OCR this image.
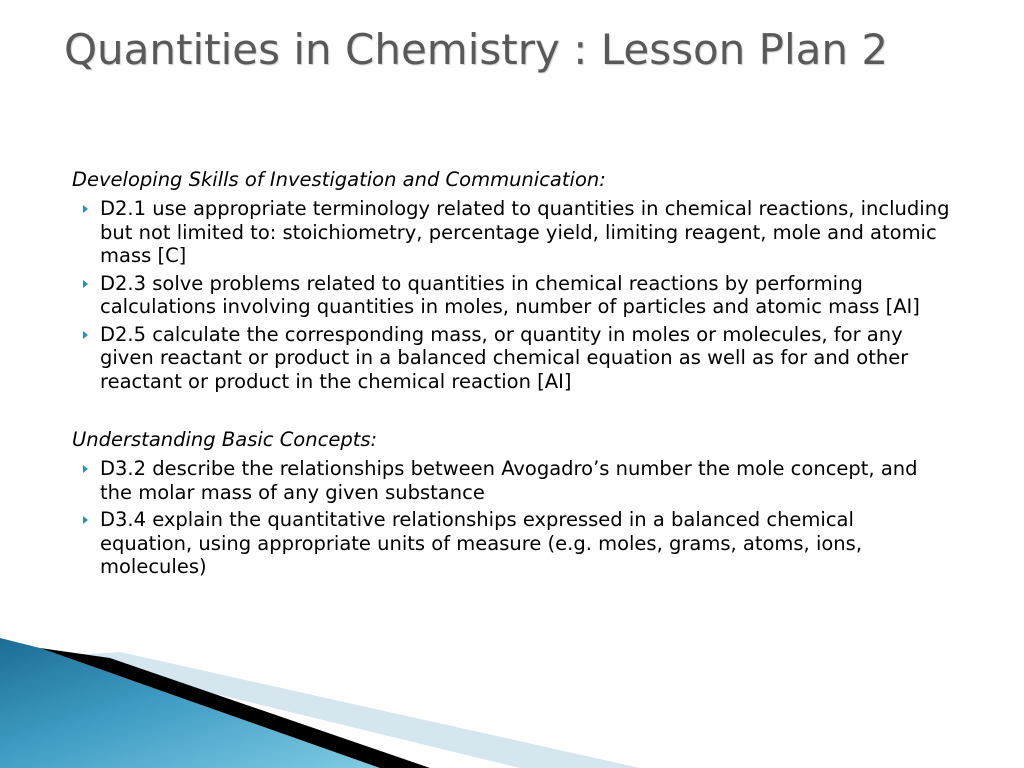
Quantities in Chemistry : Lesson Plan 2

Developing Skills of Investigation and Communication:

D2.1 use appropriate terminology related to quantities in chemical reactions, including but not limited to: stoichiometry, percentage yield, limiting reagent, mole and atomic mass [C]
D2.3 solve problems related to quantities in chemical reactions by performing calculations involving quantities in moles, number of particles and atomic mass [AI]
D2.5 calculate the corresponding mass, or quantity in moles or molecules, for any given reactant or product in a balanced chemical equation as well as for and other reactant or product in the chemical reaction [AI]

Understanding Basic Concepts:

D3.2 describe the relationships between Avogadro’s number the mole concept, and the molar mass of any given substance
D3.4 explain the quantitative relationships expressed in a balanced chemical equation, using appropriate units of measure (e.g. moles, grams, atoms, ions, molecules)
